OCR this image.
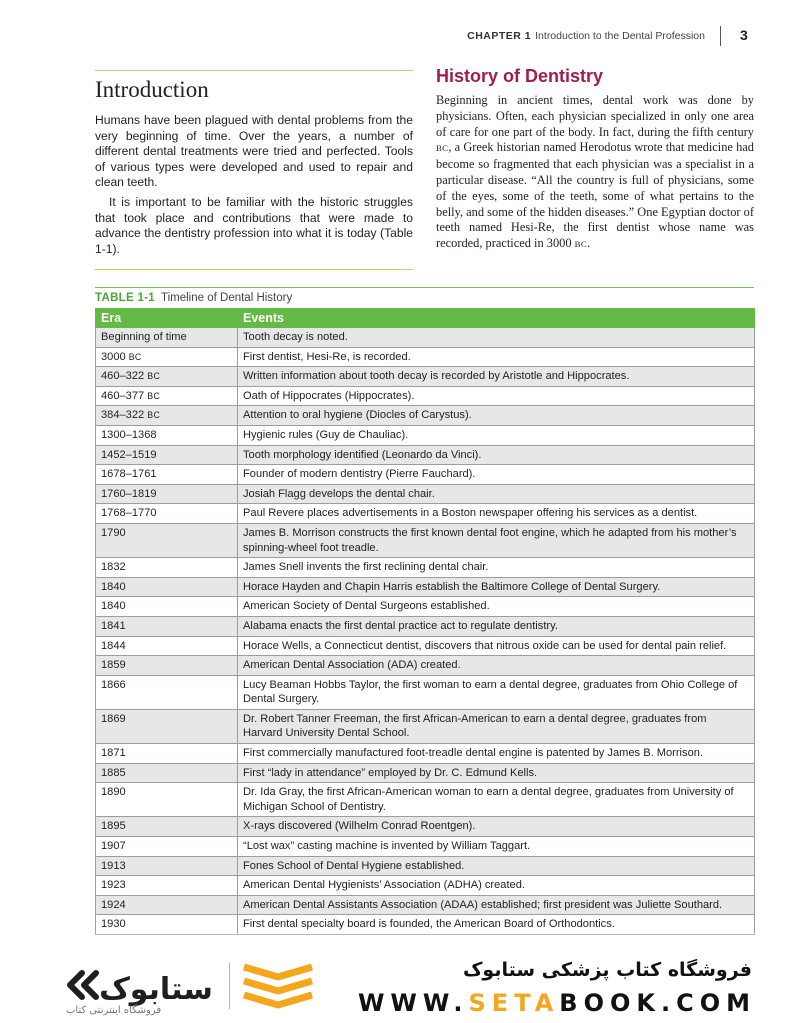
CHAPTER 1 Introduction to the Dental Profession	3
Introduction

Humans have been plagued with dental problems from the very beginning of time. Over the years, a number of different dental treatments were tried and perfected. Tools of various types were developed and used to repair and clean teeth.

It is important to be familiar with the historic struggles that took place and contributions that were made to advance the dentistry profession into what it is today (Table 1-1).

History of Dentistry

Beginning in ancient times, dental work was done by physicians. Often, each physician specialized in only one area of care for one part of the body. In fact, during the fifth century BC, a Greek historian named Herodotus wrote that medicine had become so fragmented that each physician was a specialist in a particular disease. “All the country is full of physicians, some of the eyes, some of the teeth, some of what pertains to the belly, and some of the hidden diseases.” One Egyptian doctor of teeth named Hesi-Re, the first dentist whose name was recorded, practiced in 3000 BC.

TABLE 1-1 Timeline of Dental History
Era	Events
Beginning of time	Tooth decay is noted.
3000 BC	First dentist, Hesi-Re, is recorded.
460–322 BC	Written information about tooth decay is recorded by Aristotle and Hippocrates.
460–377 BC	Oath of Hippocrates (Hippocrates).
384–322 BC	Attention to oral hygiene (Diocles of Carystus).
1300–1368	Hygienic rules (Guy de Chauliac).
1452–1519	Tooth morphology identified (Leonardo da Vinci).
1678–1761	Founder of modern dentistry (Pierre Fauchard).
1760–1819	Josiah Flagg develops the dental chair.
1768–1770	Paul Revere places advertisements in a Boston newspaper offering his services as a dentist.
1790	James B. Morrison constructs the first known dental foot engine, which he adapted from his mother’s spinning-wheel foot treadle.
1832	James Snell invents the first reclining dental chair.
1840	Horace Hayden and Chapin Harris establish the Baltimore College of Dental Surgery.
1840	American Society of Dental Surgeons established.
1841	Alabama enacts the first dental practice act to regulate dentistry.
1844	Horace Wells, a Connecticut dentist, discovers that nitrous oxide can be used for dental pain relief.
1859	American Dental Association (ADA) created.
1866	Lucy Beaman Hobbs Taylor, the first woman to earn a dental degree, graduates from Ohio College of Dental Surgery.
1869	Dr. Robert Tanner Freeman, the first African-American to earn a dental degree, graduates from Harvard University Dental School.
1871	First commercially manufactured foot-treadle dental engine is patented by James B. Morrison.
1885	First “lady in attendance” employed by Dr. C. Edmund Kells.
1890	Dr. Ida Gray, the first African-American woman to earn a dental degree, graduates from University of Michigan School of Dentistry.
1895	X-rays discovered (Wilhelm Conrad Roentgen).
1907	“Lost wax” casting machine is invented by William Taggart.
1913	Fones School of Dental Hygiene established.
1923	American Dental Hygienists’ Association (ADHA) created.
1924	American Dental Assistants Association (ADAA) established; first president was Juliette Southard.
1930	First dental specialty board is founded, the American Board of Orthodontics.
ستابوک
فروشگاه اینترنتی کتاب
فروشگاه کتاب پزشکی ستابوک
WWW.SETABOOK.COM
